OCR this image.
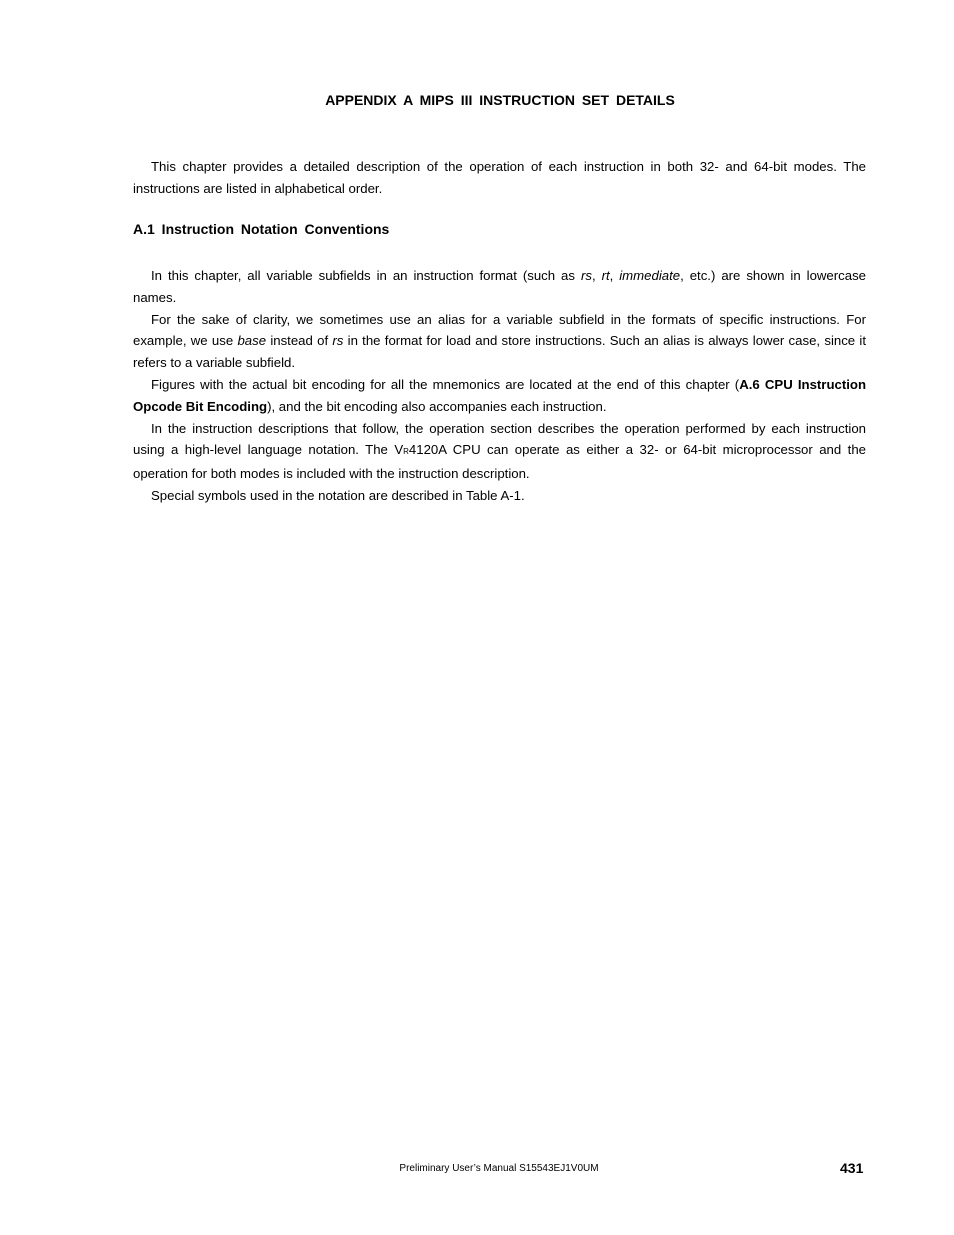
APPENDIX A MIPS III INSTRUCTION SET DETAILS

This chapter provides a detailed description of the operation of each instruction in both 32- and 64-bit modes. The instructions are listed in alphabetical order.

A.1 Instruction Notation Conventions

In this chapter, all variable subfields in an instruction format (such as rs, rt, immediate, etc.) are shown in lowercase names.

For the sake of clarity, we sometimes use an alias for a variable subfield in the formats of specific instructions. For example, we use base instead of rs in the format for load and store instructions. Such an alias is always lower case, since it refers to a variable subfield.

Figures with the actual bit encoding for all the mnemonics are located at the end of this chapter (A.6 CPU Instruction Opcode Bit Encoding), and the bit encoding also accompanies each instruction.

In the instruction descriptions that follow, the operation section describes the operation performed by each instruction using a high-level language notation. The VR4120A CPU can operate as either a 32- or 64-bit microprocessor and the operation for both modes is included with the instruction description.

Special symbols used in the notation are described in Table A-1.

Preliminary User’s Manual S15543EJ1V0UM	431
